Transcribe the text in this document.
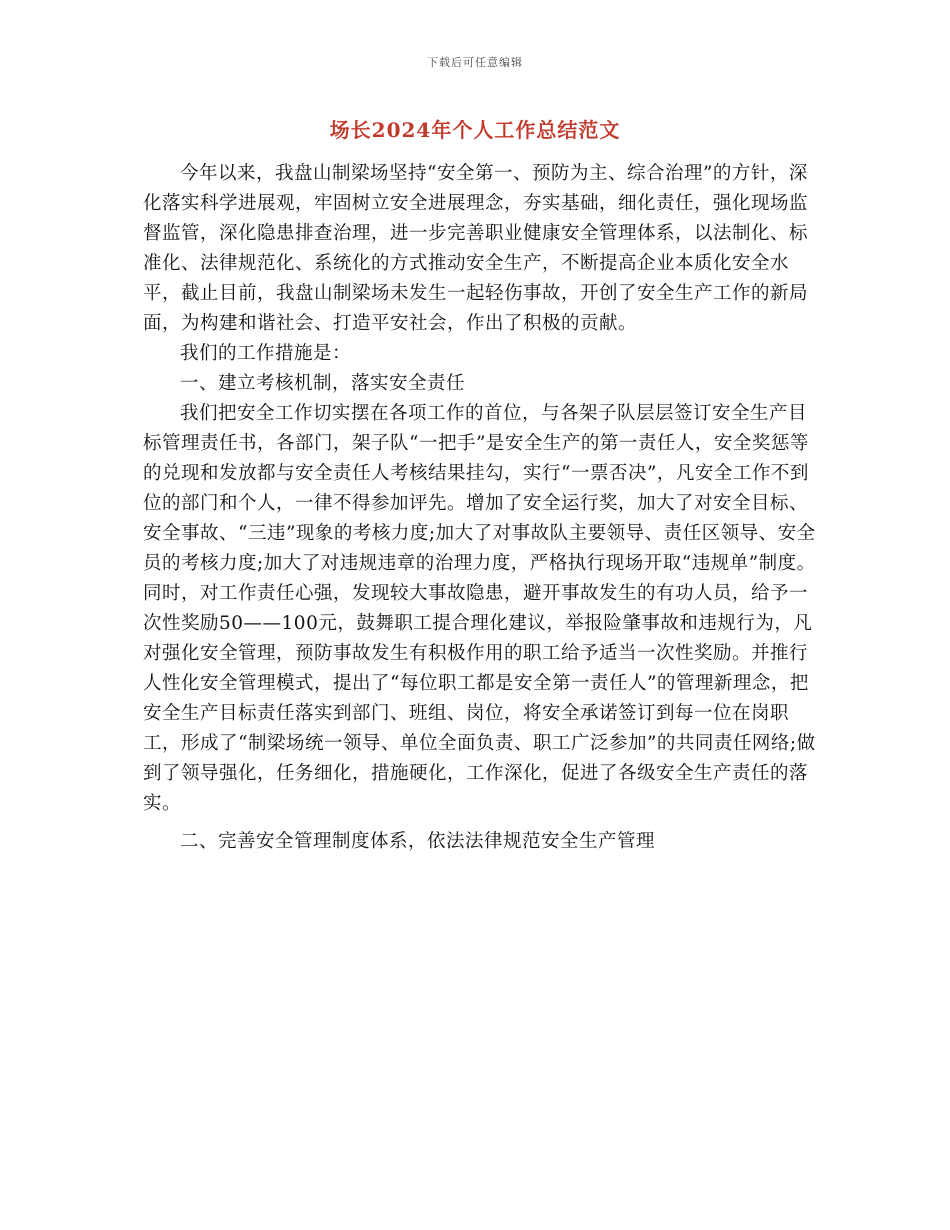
下载后可任意编辑
场长2024年个人工作总结范文

今年以来，我盘山制梁场坚持“安全第一、预防为主、综合治理”的方针，深化落实科学进展观，牢固树立安全进展理念，夯实基础，细化责任，强化现场监督监管，深化隐患排查治理，进一步完善职业健康安全管理体系，以法制化、标准化、法律规范化、系统化的方式推动安全生产，不断提高企业本质化安全水平，截止目前，我盘山制梁场未发生一起轻伤事故，开创了安全生产工作的新局面，为构建和谐社会、打造平安社会，作出了积极的贡献。

我们的工作措施是：

一、建立考核机制，落实安全责任

我们把安全工作切实摆在各项工作的首位，与各架子队层层签订安全生产目标管理责任书，各部门，架子队“一把手”是安全生产的第一责任人，安全奖惩等的兑现和发放都与安全责任人考核结果挂勾，实行“一票否决”，凡安全工作不到位的部门和个人，一律不得参加评先。增加了安全运行奖，加大了对安全目标、安全事故、“三违”现象的考核力度;加大了对事故队主要领导、责任区领导、安全员的考核力度;加大了对违规违章的治理力度，严格执行现场开取“违规单”制度。同时，对工作责任心强，发现较大事故隐患，避开事故发生的有功人员，给予一次性奖励50——100元，鼓舞职工提合理化建议，举报险肇事故和违规行为，凡对强化安全管理，预防事故发生有积极作用的职工给予适当一次性奖励。并推行人性化安全管理模式，提出了“每位职工都是安全第一责任人”的管理新理念，把安全生产目标责任落实到部门、班组、岗位，将安全承诺签订到每一位在岗职工，形成了“制梁场统一领导、单位全面负责、职工广泛参加”的共同责任网络;做到了领导强化，任务细化，措施硬化，工作深化，促进了各级安全生产责任的落实。

二、完善安全管理制度体系，依法法律规范安全生产管理
